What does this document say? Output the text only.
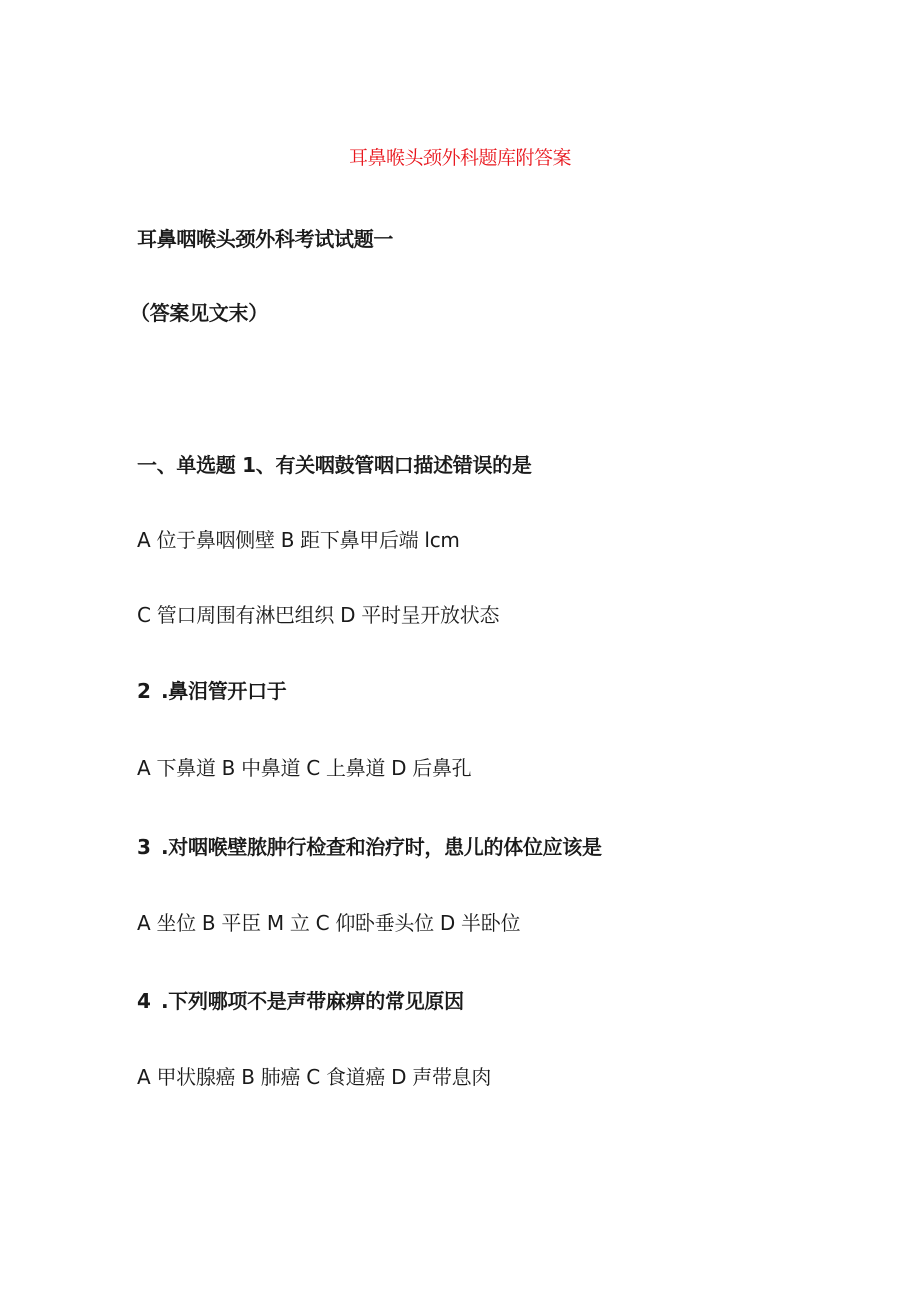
耳鼻喉头颈外科题库附答案
耳鼻咽喉头颈外科考试试题一
（答案见文末）
一、单选题 1、有关咽鼓管咽口描述错误的是
A 位于鼻咽侧壁 B 距下鼻甲后端 lcm
C 管口周围有淋巴组织 D 平时呈开放状态
2 .鼻泪管开口于
A 下鼻道 B 中鼻道 C 上鼻道 D 后鼻孔
3 .对咽喉壁脓肿行检查和治疗时，患儿的体位应该是
A 坐位 B 平臣 M 立 C 仰卧垂头位 D 半卧位
4 .下列哪项不是声带麻痹的常见原因
A 甲状腺癌 B 肺癌 C 食道癌 D 声带息肉
